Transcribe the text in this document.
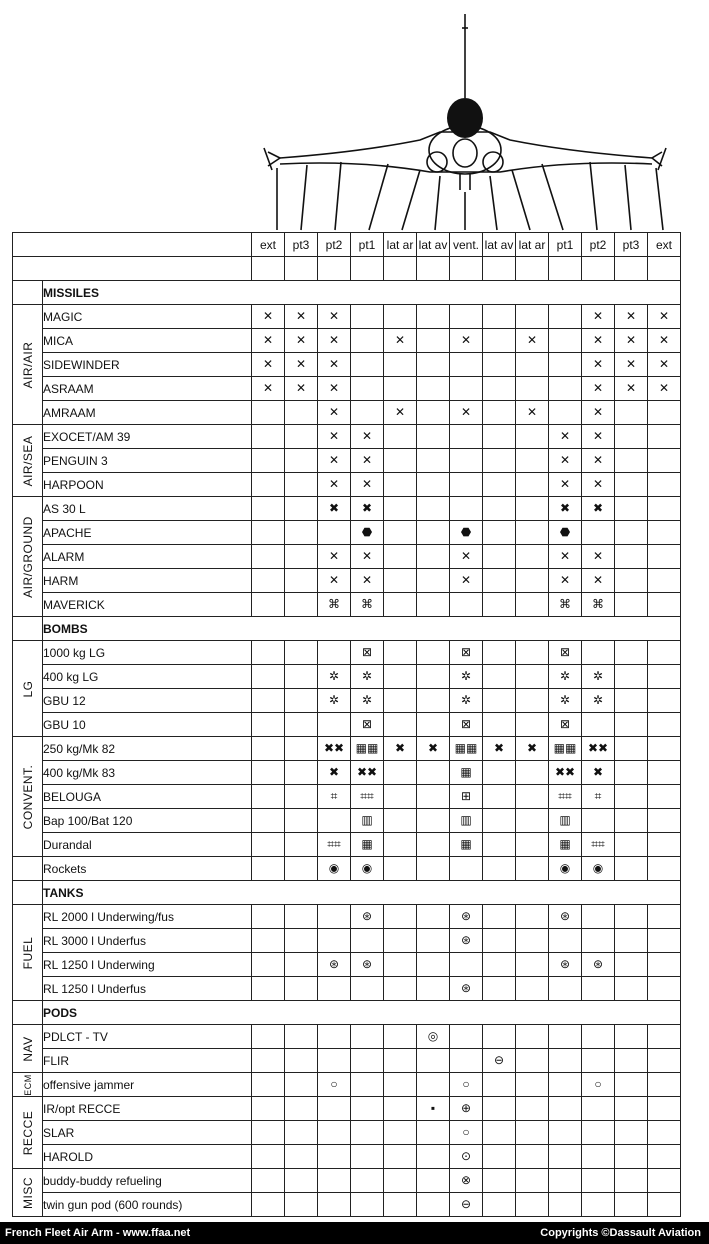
		ext	pt3	pt2	pt1	lat ar	lat av	vent.	lat av	lat ar	pt1	pt2	pt3	ext

	MISSILES													

AIR/AIR	MAGIC	✕	✕	✕								✕	✕	✕
	MICA	✕	✕	✕		✕		✕		✕		✕	✕	✕
	SIDEWINDER	✕	✕	✕								✕	✕	✕
	ASRAAM	✕	✕	✕								✕	✕	✕
	AMRAAM			✕		✕		✕		✕		✕		

AIR/SEA	EXOCET/AM 39			✕	✕						✕	✕		
	PENGUIN 3			✕	✕						✕	✕		
	HARPOON			✕	✕						✕	✕		

AIR/GROUND	AS 30 L			✖	✖						✖	✖		
	APACHE				⬣			⬣			⬣			
	ALARM			✕	✕			✕			✕	✕		
	HARM			✕	✕			✕			✕	✕		
	MAVERICK			⌘	⌘						⌘	⌘		
	BOMBS													

LG	1000 kg LG				⊠			⊠			⊠			
	400 kg LG			✲	✲			✲			✲	✲		
	GBU 12			✲	✲			✲			✲	✲		
	GBU 10				⊠			⊠			⊠			

CONVENT.	250 kg/Mk 82			✖✖	▦▦	✖	✖	▦▦	✖	✖	▦▦	✖✖		
	400 kg/Mk 83			✖	✖✖			▦			✖✖	✖		
	BELOUGA			⌗	⌗⌗			⊞			⌗⌗	⌗		
	Bap 100/Bat 120				▥			▥			▥			
	Durandal			⌗⌗	▦			▦			▦	⌗⌗		
	Rockets			◉	◉						◉	◉		
	TANKS													

FUEL	RL 2000 l Underwing/fus				⊛			⊛			⊛			
	RL 3000 l Underfus							⊛						
	RL 1250 l Underwing			⊛	⊛						⊛	⊛		
	RL 1250 l Underfus							⊛						
	PODS													

NAV	PDLCT - TV						◎							
	FLIR								⊖					

ECM	offensive jammer			○				○				○		

RECCE	IR/opt RECCE						▪	⊕						
	SLAR							○						
	HAROLD							⊙						

MISC	buddy-buddy refueling							⊗						
	twin gun pod (600 rounds)							⊖						
French Fleet Air Arm - www.ffaa.net	Copyrights ©Dassault Aviation
